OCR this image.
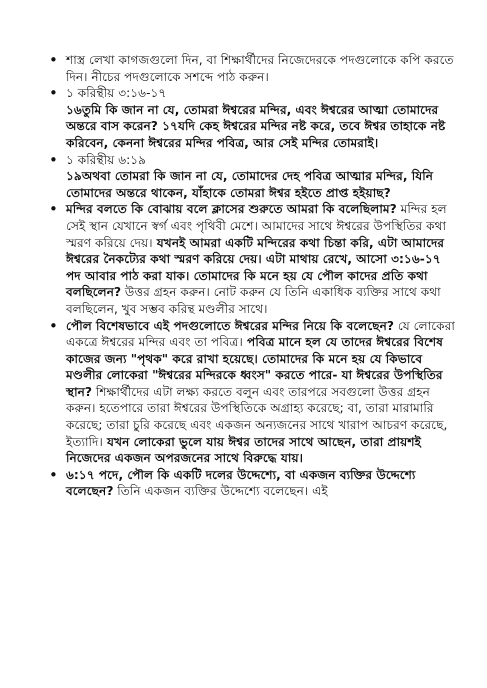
• শাস্ত্র লেখা কাগজগুলো দিন, বা শিক্ষার্থীদের নিজেদেরকে পদগুলোকে কপি করতে দিন। নীচের পদগুলোকে সশব্দে পাঠ করুন।
• ১ করিন্থীয় ৩:১৬-১৭
১৬তুমি কি জান না যে, তোমরা ঈশ্বরের মন্দির, এবং ঈশ্বরের আত্মা তোমাদের অন্তরে বাস করেন? ১৭যদি কেহ ঈশ্বরের মন্দির নষ্ট করে, তবে ঈশ্বর তাহাকে নষ্ট করিবেন, কেননা ঈশ্বরের মন্দির পবিত্র, আর সেই মন্দির তোমরাই।
• ১ করিন্থীয় ৬:১৯
১৯অথবা তোমরা কি জান না যে, তোমাদের দেহ পবিত্র আত্মার মন্দির, যিনি তোমাদের অন্তরে থাকেন, যাঁহাকে তোমরা ঈশ্বর হইতে প্রাপ্ত হইয়াছ?
• মন্দির বলতে কি বোঝায় বলে ক্লাসের শুরুতে আমরা কি বলেছিলাম? মন্দির হল সেই স্থান যেখানে স্বর্গ এবং পৃথিবী মেশে। আমাদের সাথে ঈশ্বরের উপস্থিতির কথা স্মরণ করিয়ে দেয়। যখনই আমরা একটি মন্দিরের কথা চিন্তা করি, এটা আমাদের ঈশ্বরের নৈকট্যের কথা স্মরণ করিয়ে দেয়। এটা মাথায় রেখে, আসো ৩:১৬-১৭ পদ আবার পাঠ করা যাক। তোমাদের কি মনে হয় যে পৌল কাদের প্রতি কথা বলছিলেন? উত্তর গ্রহন করুন। নোট করুন যে তিনি একাধিক ব্যক্তির সাথে কথা বলছিলেন, খুব সম্ভব করিন্থ মণ্ডলীর সাথে।
• পৌল বিশেষভাবে এই পদগুলোতে ঈশ্বরের মন্দির নিয়ে কি বলেছেন? যে লোকেরা একত্রে ঈশ্বরের মন্দির এবং তা পবিত্র। পবিত্র মানে হল যে তাদের ঈশ্বরের বিশেষ কাজের জন্য "পৃথক" করে রাখা হয়েছে। তোমাদের কি মনে হয় যে কিভাবে মণ্ডলীর লোকেরা "ঈশ্বরের মন্দিরকে ধ্বংস" করতে পারে- যা ঈশ্বরের উপস্থিতির স্থান? শিক্ষার্থীদের এটা লক্ষ্য করতে বলুন এবং তারপরে সবগুলো উত্তর গ্রহন করুন। হতেপারে তারা ঈশ্বরের উপস্থিতিকে অগ্রাহ্য করেছে; বা, তারা মারামারি করেছে; তারা চুরি করেছে এবং একজন অন্যজনের সাথে খারাপ আচরণ করেছে, ইত্যাদি। যখন লোকেরা ভুলে যায় ঈশ্বর তাদের সাথে আছেন, তারা প্রায়শই নিজেদের একজন অপরজনের সাথে বিরুদ্ধে যায়।
• ৬:১৭ পদে, পৌল কি একটি দলের উদ্দেশ্যে, বা একজন ব্যক্তির উদ্দেশ্যে বলেছেন? তিনি একজন ব্যক্তির উদ্দেশ্যে বলেছেন। এই
